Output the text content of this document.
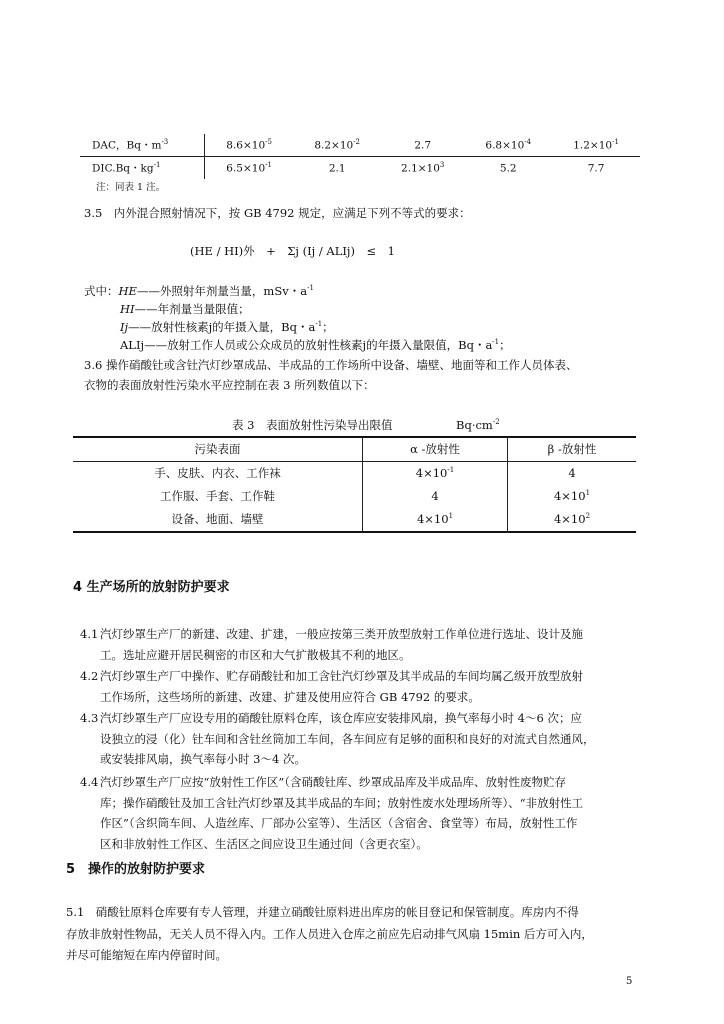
DAC，Bq・$m^{-3}$	$8.6\times 10^{-5}$	$8.2\times 10^{-2}$	2.7	$6.8\times 10^{-4}$	$1.2\times 10^{-1}$
DIC.Bq・$kg^{-1}$	$6.5\times 10^{-1}$	2.1	$2.1\times 10^3$	5.2	7.7
注：同表 1 注。
3.5　内外混合照射情况下，按 GB 4792 规定，应满足下列不等式的要求：
(HE / HI)外　+　Σj (Ij / ALIj)　≤　1
式中：HE——外照射年剂量当量，mSv・$a^{-1}$
HI——年剂量当量限值；
Ij——放射性核素j的年摄入量，Bq・$a^{-1}$；
ALIj——放射工作人员或公众成员的放射性核素j的年摄入量限值，Bq・$a^{-1}$；
3.6 操作硝酸钍或含钍汽灯纱罩成品、半成品的工作场所中设备、墙壁、地面等和工作人员体表、
衣物的表面放射性污染水平应控制在表 3 所列数值以下：
表 3　表面放射性污染导出限值	$Bq\cdot cm^{-2}$
污染表面	α -放射性	β -放射性
手、皮肤、内衣、工作袜	$4\times 10^{-1}$	4
工作服、手套、工作鞋	4	$4\times 10^1$
设备、地面、墙壁	$4\times 10^1$	$4\times 10^2$
4 生产场所的放射防护要求
4.1 汽灯纱罩生产厂的新建、改建、扩建，一般应按第三类开放型放射工作单位进行选址、设计及施
工。选址应避开居民稠密的市区和大气扩散极其不利的地区。
4.2 汽灯纱罩生产厂中操作、贮存硝酸钍和加工含钍汽灯纱罩及其半成品的车间均属乙级开放型放射
工作场所，这些场所的新建、改建、扩建及使用应符合 GB 4792 的要求。
4.3 汽灯纱罩生产厂应设专用的硝酸钍原料仓库，该仓库应安装排风扇，换气率每小时 4～6 次；应
设独立的浸（化）钍车间和含钍丝筒加工车间，各车间应有足够的面积和良好的对流式自然通风，
或安装排风扇，换气率每小时 3～4 次。
4.4 汽灯纱罩生产厂应按“放射性工作区”（含硝酸钍库、纱罩成品库及半成品库、放射性废物贮存
库；操作硝酸钍及加工含钍汽灯纱罩及其半成品的车间；放射性废水处理场所等）、“非放射性工
作区”（含织筒车间、人造丝库、厂部办公室等）、生活区（含宿舍、食堂等）布局，放射性工作
区和非放射性工作区、生活区之间应设卫生通过间（含更衣室）。
5　操作的放射防护要求
5.1　硝酸钍原料仓库要有专人管理，并建立硝酸钍原料进出库房的帐目登记和保管制度。库房内不得
存放非放射性物品，无关人员不得入内。工作人员进入仓库之前应先启动排气风扇 15min 后方可入内，
并尽可能缩短在库内停留时间。
5
